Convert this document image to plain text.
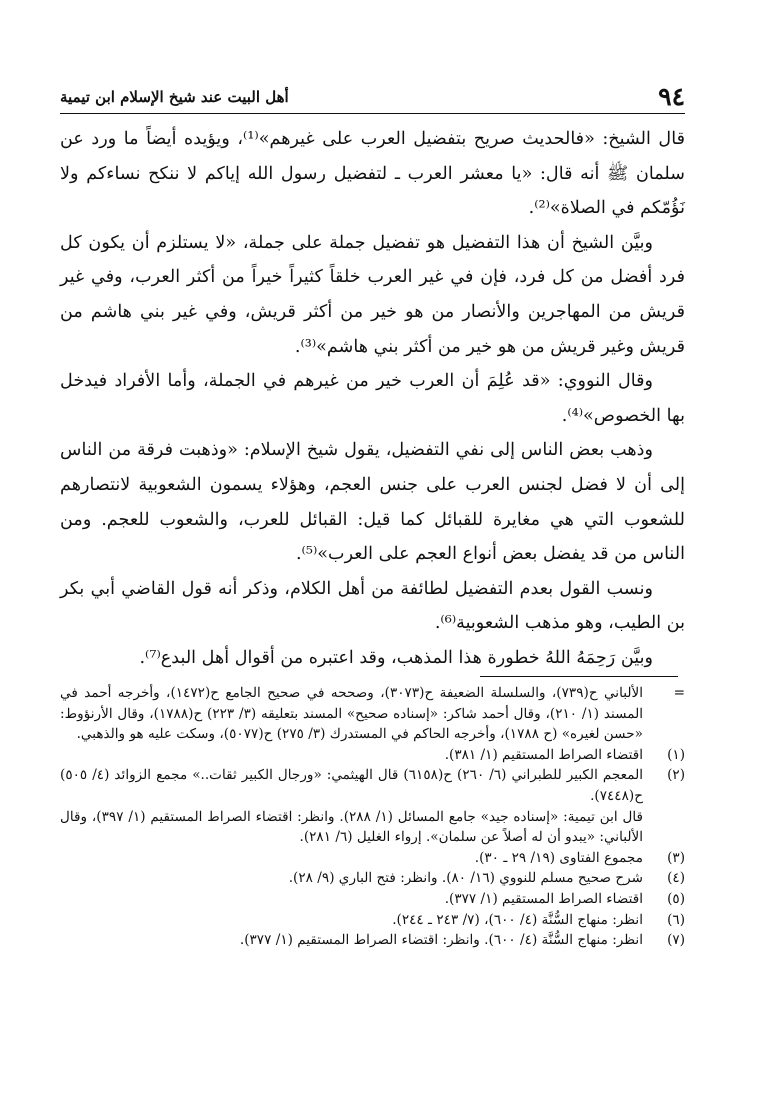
٩٤
أهل البيت عند شيخ الإسلام ابن تيمية

قال الشيخ: «فالحديث صريح بتفضيل العرب على غيرهم»⁽¹⁾، ويؤيده أيضاً ما ورد عن سلمان ﷺ أنه قال: «يا معشر العرب ـ لتفضيل رسول الله إياكم لا ننكح نساءكم ولا نَؤُمّكم في الصلاة»⁽²⁾.

وبيَّن الشيخ أن هذا التفضيل هو تفضيل جملة على جملة، «لا يستلزم أن يكون كل فرد أفضل من كل فرد، فإن في غير العرب خلقاً كثيراً خيراً من أكثر العرب، وفي غير قريش من المهاجرين والأنصار من هو خير من أكثر قريش، وفي غير بني هاشم من قريش وغير قريش من هو خير من أكثر بني هاشم»⁽³⁾.

وقال النووي: «قد عُلِمَ أن العرب خير من غيرهم في الجملة، وأما الأفراد فيدخل بها الخصوص»⁽⁴⁾.

وذهب بعض الناس إلى نفي التفضيل، يقول شيخ الإسلام: «وذهبت فرقة من الناس إلى أن لا فضل لجنس العرب على جنس العجم، وهؤلاء يسمون الشعوبية لانتصارهم للشعوب التي هي مغايرة للقبائل كما قيل: القبائل للعرب، والشعوب للعجم. ومن الناس من قد يفضل بعض أنواع العجم على العرب»⁽⁵⁾.

ونسب القول بعدم التفضيل لطائفة من أهل الكلام، وذكر أنه قول القاضي أبي بكر بن الطيب، وهو مذهب الشعوبية⁽⁶⁾.

وبيَّن رَحِمَهُ اللهُ خطورة هذا المذهب، وقد اعتبره من أقوال أهل البدع⁽⁷⁾.

=
الألباني ح(٧٣٩)، والسلسلة الضعيفة ح(٣٠٧٣)، وصححه في صحيح الجامع ح(١٤٧٢)، وأخرجه أحمد في المسند (١/ ٢١٠)، وقال أحمد شاكر: «إسناده صحيح» المسند بتعليقه (٣/ ٢٢٣) ح(١٧٨٨)، وقال الأرنؤوط: «حسن لغيره» (ح ١٧٨٨)، وأخرجه الحاكم في المستدرك (٣/ ٢٧٥) ح(٥٠٧٧)، وسكت عليه هو والذهبي.
(١)
اقتضاء الصراط المستقيم (١/ ٣٨١).
(٢)
المعجم الكبير للطبراني (٦/ ٢٦٠) ح(٦١٥٨) قال الهيثمي: «ورجال الكبير ثقات..» مجمع الزوائد (٤/ ٥٠٥) ح(٧٤٤٨).
قال ابن تيمية: «إسناده جيد» جامع المسائل (١/ ٢٨٨). وانظر: اقتضاء الصراط المستقيم (١/ ٣٩٧)، وقال الألباني: «يبدو أن له أصلاً عن سلمان». إرواء الغليل (٦/ ٢٨١).
(٣)
مجموع الفتاوى (١٩/ ٢٩ ـ ٣٠).
(٤)
شرح صحيح مسلم للنووي (١٦/ ٨٠). وانظر: فتح الباري (٩/ ٢٨).
(٥)
اقتضاء الصراط المستقيم (١/ ٣٧٧).
(٦)
انظر: منهاج السُّنَّة (٤/ ٦٠٠)، (٧/ ٢٤٣ ـ ٢٤٤).
(٧)
انظر: منهاج السُّنَّة (٤/ ٦٠٠). وانظر: اقتضاء الصراط المستقيم (١/ ٣٧٧).
